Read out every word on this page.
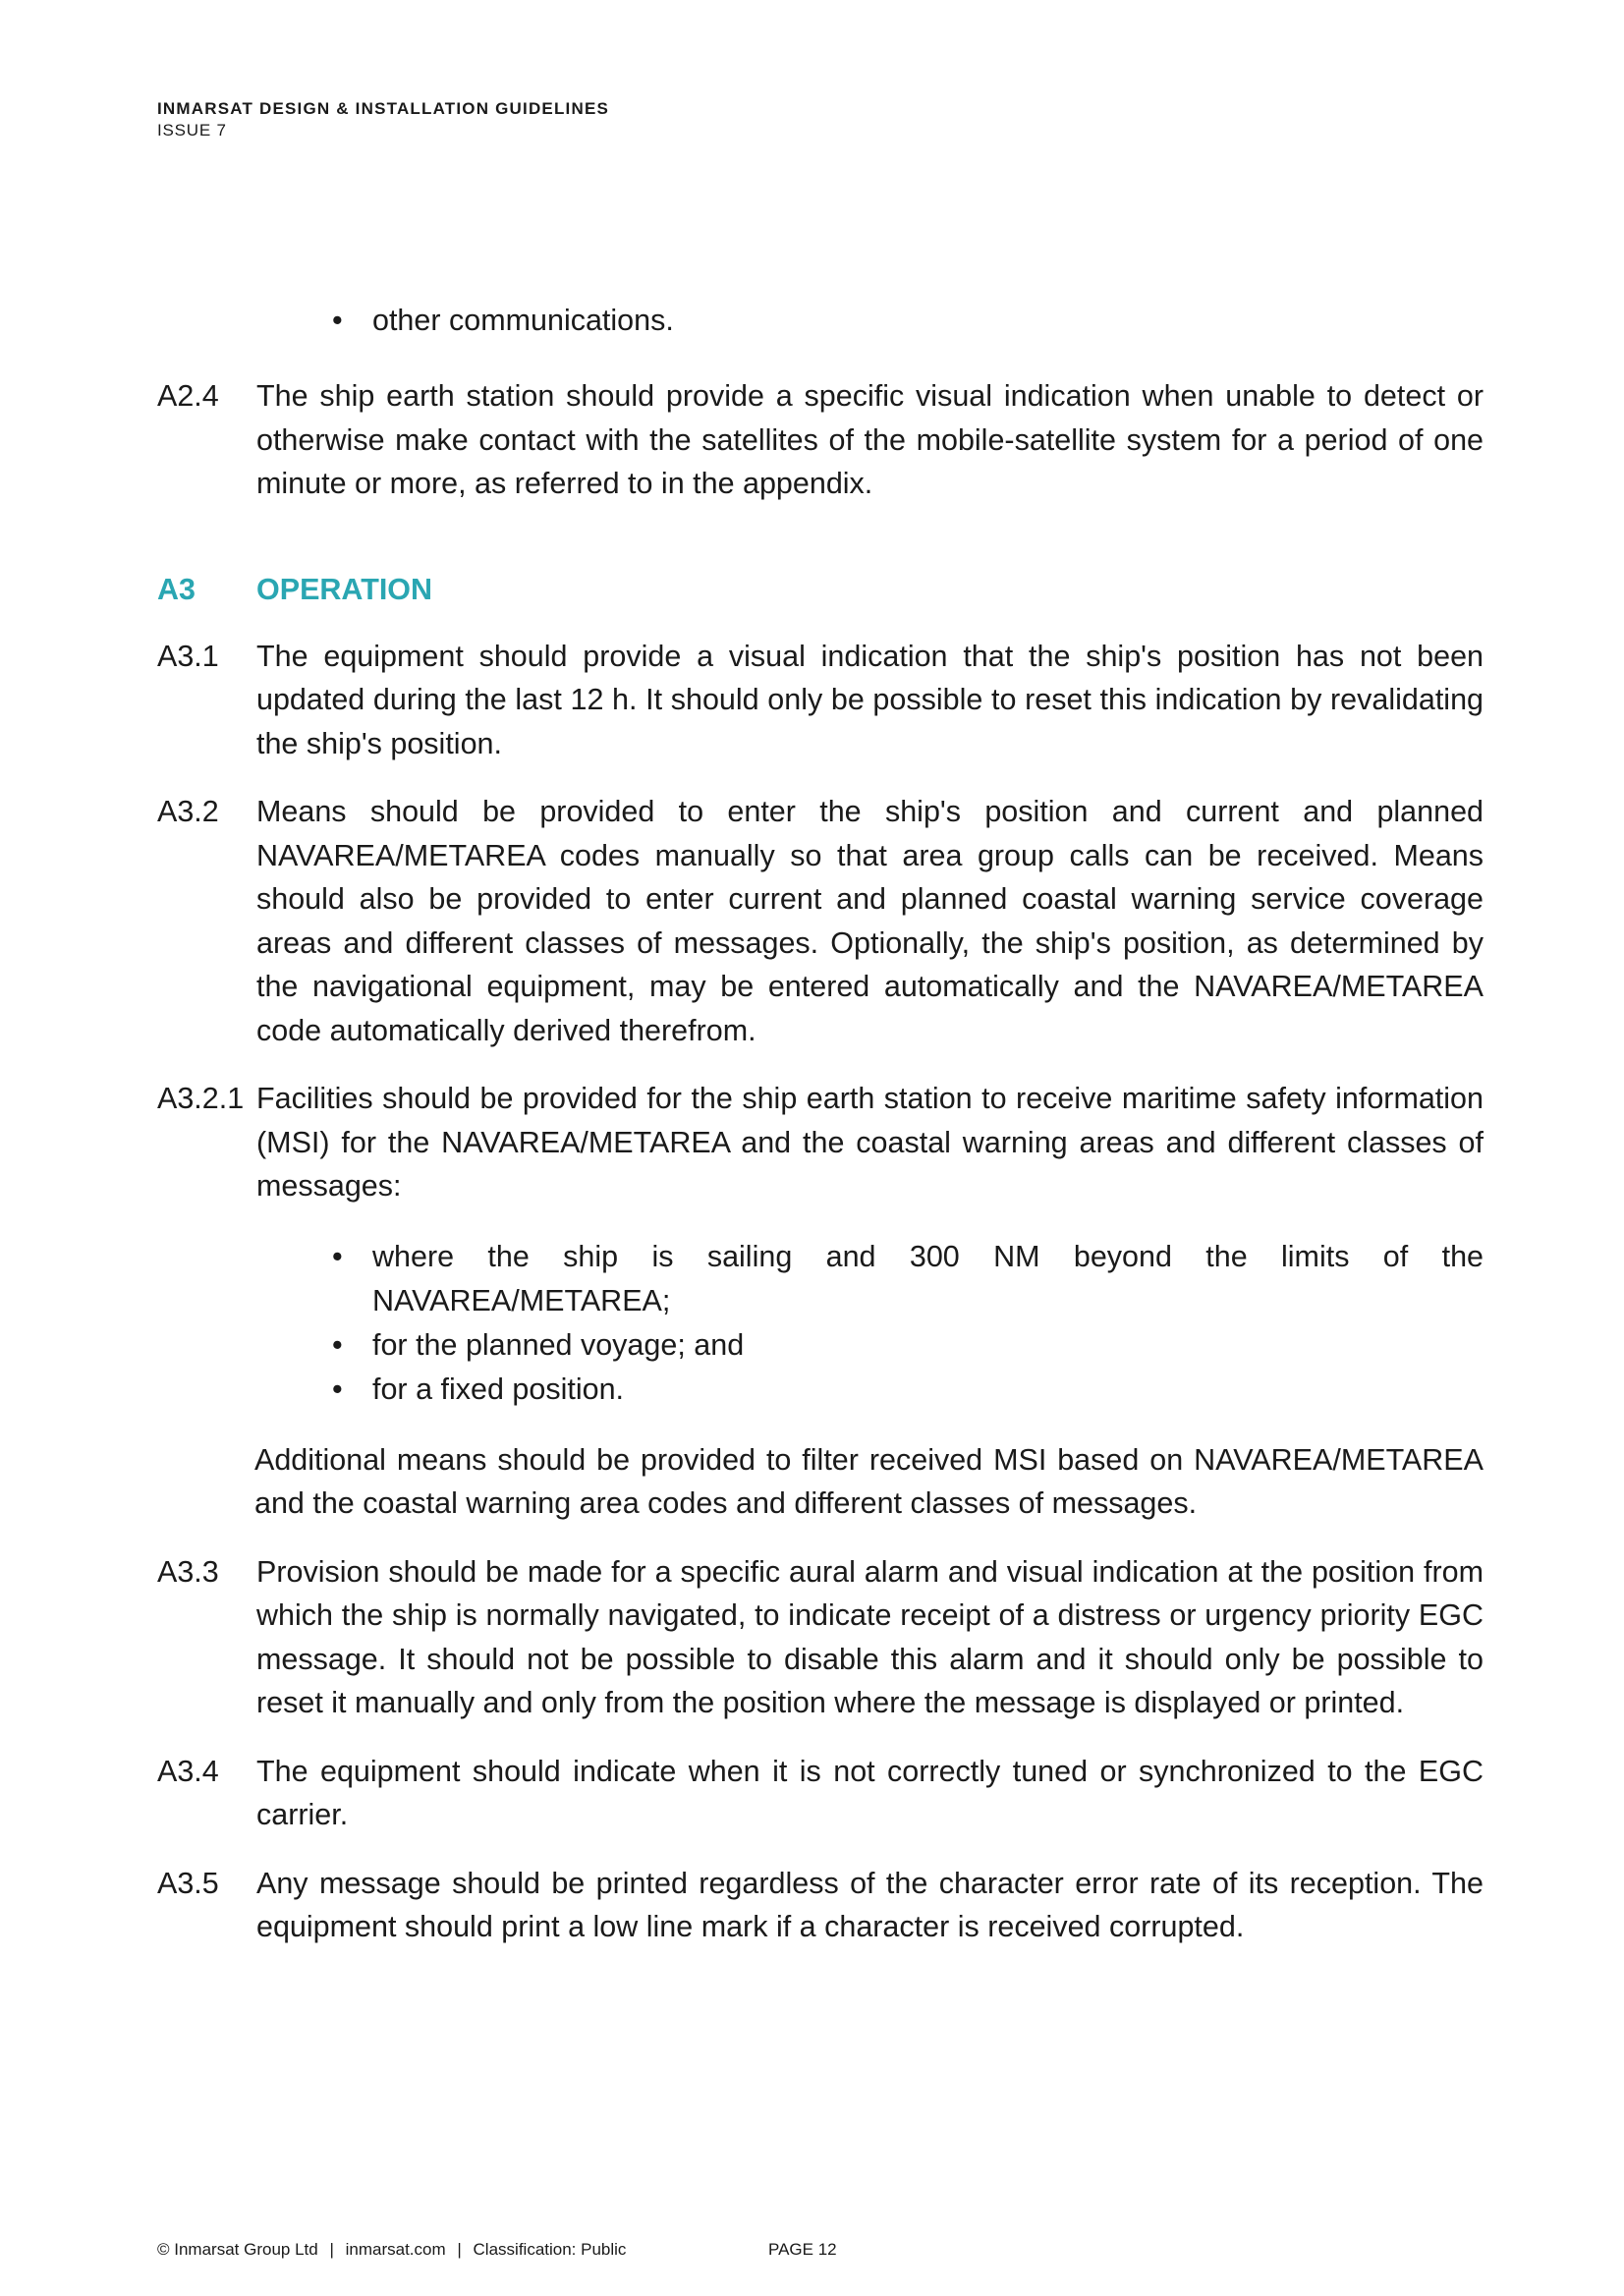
INMARSAT DESIGN & INSTALLATION GUIDELINES
ISSUE 7
• other communications.
A2.4 The ship earth station should provide a specific visual indication when unable to detect or otherwise make contact with the satellites of the mobile-satellite system for a period of one minute or more, as referred to in the appendix.
A3 OPERATION
A3.1 The equipment should provide a visual indication that the ship's position has not been updated during the last 12 h. It should only be possible to reset this indication by revalidating the ship's position.
A3.2 Means should be provided to enter the ship's position and current and planned NAVAREA/METAREA codes manually so that area group calls can be received. Means should also be provided to enter current and planned coastal warning service coverage areas and different classes of messages. Optionally, the ship's position, as determined by the navigational equipment, may be entered automatically and the NAVAREA/METAREA code automatically derived therefrom.
A3.2.1 Facilities should be provided for the ship earth station to receive maritime safety information (MSI) for the NAVAREA/METAREA and the coastal warning areas and different classes of messages:
• where the ship is sailing and 300 NM beyond the limits of the NAVAREA/METAREA;
• for the planned voyage; and
• for a fixed position.
Additional means should be provided to filter received MSI based on NAVAREA/METAREA and the coastal warning area codes and different classes of messages.
A3.3 Provision should be made for a specific aural alarm and visual indication at the position from which the ship is normally navigated, to indicate receipt of a distress or urgency priority EGC message. It should not be possible to disable this alarm and it should only be possible to reset it manually and only from the position where the message is displayed or printed.
A3.4 The equipment should indicate when it is not correctly tuned or synchronized to the EGC carrier.
A3.5 Any message should be printed regardless of the character error rate of its reception. The equipment should print a low line mark if a character is received corrupted.
© Inmarsat Group Ltd | inmarsat.com | Classification: Public	PAGE 12
